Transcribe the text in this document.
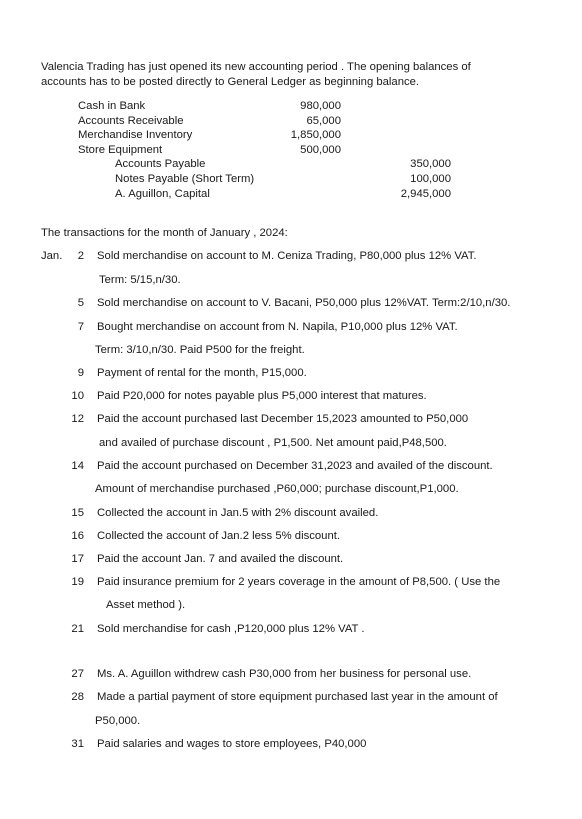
Valencia Trading has just opened its new accounting period . The opening balances of
accounts has to be posted directly to General Ledger as beginning balance.
Cash in Bank	980,000
Accounts Receivable	65,000
Merchandise Inventory	1,850,000
Store Equipment	500,000
Accounts Payable	350,000
Notes Payable (Short Term)	100,000
A. Aguillon, Capital	2,945,000
The transactions for the month of January , 2024:
Jan.	2 Sold merchandise on account to M. Ceniza Trading, P80,000 plus 12% VAT.
Term: 5/15,n/30.
5 Sold merchandise on account to V. Bacani, P50,000 plus 12%VAT. Term:2/10,n/30.
7 Bought merchandise on account from N. Napila, P10,000 plus 12% VAT.
Term: 3/10,n/30. Paid P500 for the freight.
9 Payment of rental for the month, P15,000.
10 Paid P20,000 for notes payable plus P5,000 interest that matures.
12 Paid the account purchased last December 15,2023 amounted to P50,000
and availed of purchase discount , P1,500. Net amount paid,P48,500.
14 Paid the account purchased on December 31,2023 and availed of the discount.
Amount of merchandise purchased ,P60,000; purchase discount,P1,000.
15 Collected the account in Jan.5 with 2% discount availed.
16 Collected the account of Jan.2 less 5% discount.
17 Paid the account Jan. 7 and availed the discount.
19 Paid insurance premium for 2 years coverage in the amount of P8,500. ( Use the
Asset method ).
21 Sold merchandise for cash ,P120,000 plus 12% VAT .
27 Ms. A. Aguillon withdrew cash P30,000 from her business for personal use.
28 Made a partial payment of store equipment purchased last year in the amount of
P50,000.
31 Paid salaries and wages to store employees, P40,000
